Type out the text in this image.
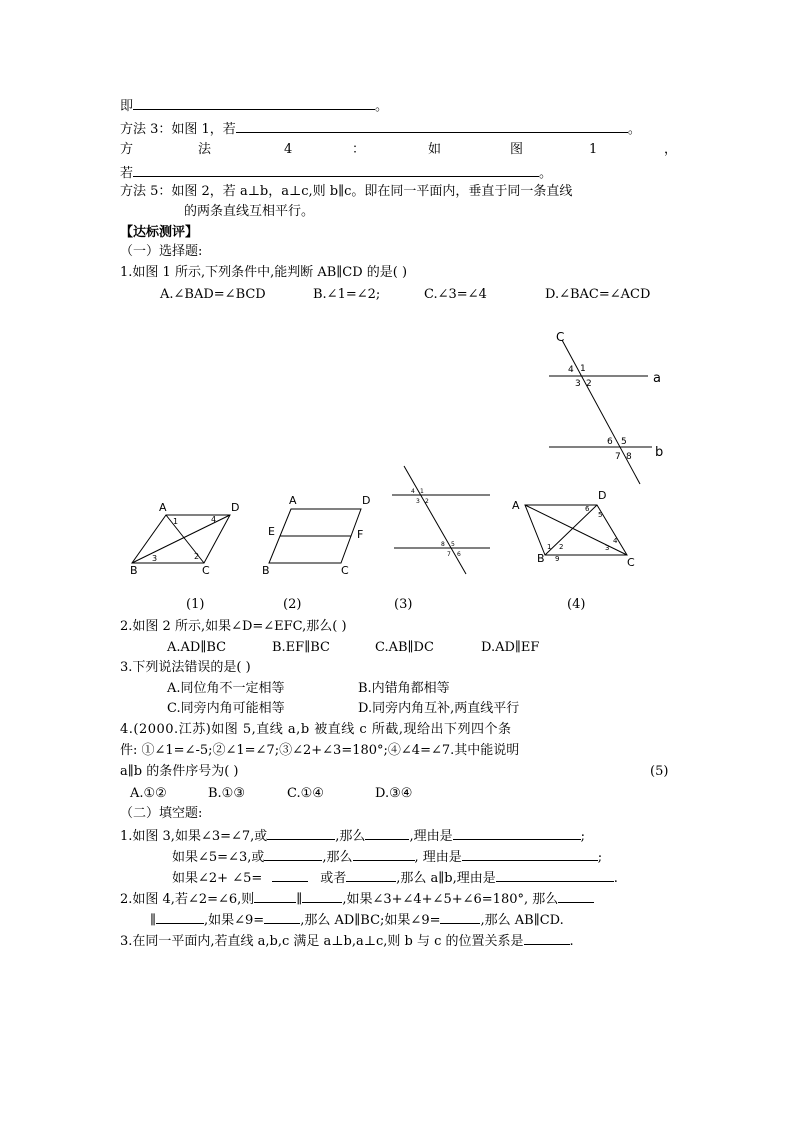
即	。
方法 3：如图 1，若	。
方	法	4	：	如	图	1	，
若	。
方法 5：如图 2，若 a⊥b，a⊥c,则 b∥c。即在同一平面内，垂直于同一条直线
的两条直线互相平行。
【达标测评】
（一）选择题:
1.如图 1 所示,下列条件中,能判断 AB∥CD 的是( )
A.∠BAD=∠BCD	B.∠1=∠2;	C.∠3=∠4	D.∠BAC=∠ACD
C
a
b
4 1
3 2
6 5
7 8
A	D
B	C
1	4
3	2
A	D
E	F
B	C
4 1
3 2
8 5
7 6
A
D
B	C
6
5
1 2
9
3
4
(1)	(2)	(3)	(4)
2.如图 2 所示,如果∠D=∠EFC,那么( )
A.AD∥BC	B.EF∥BC	C.AB∥DC	D.AD∥EF
3.下列说法错误的是( )
A.同位角不一定相等	B.内错角都相等
C.同旁内角可能相等	D.同旁内角互补,两直线平行
4.(2000.江苏)如图 5,直线 a,b 被直线 c 所截,现给出下列四个条
件: ①∠1=∠-5;②∠1=∠7;③∠2+∠3=180°;④∠4=∠7.其中能说明
a∥b 的条件序号为( )	(5)
A.①②	B.①③	C.①④	D.③④
（二）填空题:
1.如图 3,如果∠3=∠7,或	,那么	,理由是	;
如果∠5=∠3,或	,那么	, 理由是	;
如果∠2+ ∠5=	或者	,那么 a∥b,理由是	.
2.如图 4,若∠2=∠6,则	∥	,如果∠3+∠4+∠5+∠6=180°, 那么
∥	,如果∠9=	,那么 AD∥BC;如果∠9=	,那么 AB∥CD.
3.在同一平面内,若直线 a,b,c 满足 a⊥b,a⊥c,则 b 与 c 的位置关系是	.
